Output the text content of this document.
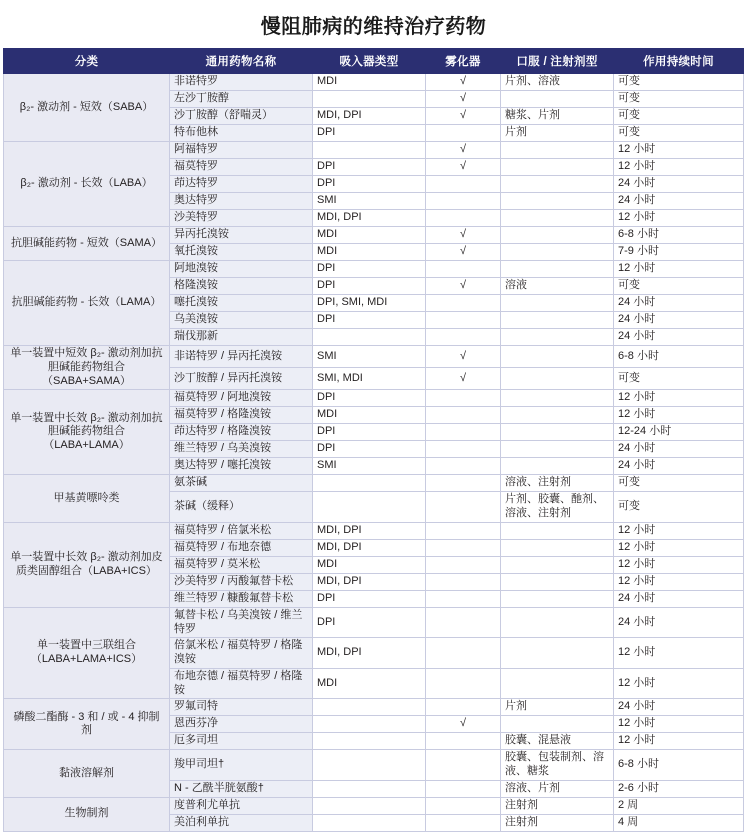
慢阻肺病的维持治疗药物
分类	通用药物名称	吸入器类型	雾化器	口服 / 注射剂型	作用持续时间
β₂- 激动剂 - 短效（SABA）	非诺特罗	MDI	√	片剂、溶液	可变
	左沙丁胺醇		√		可变
	沙丁胺醇（舒喘灵）	MDI, DPI	√	糖浆、片剂	可变
	特布他林	DPI		片剂	可变
β₂- 激动剂 - 长效（LABA）	阿福特罗		√		12 小时
	福莫特罗	DPI	√		12 小时
	茚达特罗	DPI			24 小时
	奥达特罗	SMI			24 小时
	沙美特罗	MDI, DPI			12 小时
抗胆碱能药物 - 短效（SAMA）	异丙托溴铵	MDI	√		6-8 小时
	氧托溴铵	MDI	√		7-9 小时
抗胆碱能药物 - 长效（LAMA）	阿地溴铵	DPI			12 小时
	格隆溴铵	DPI	√	溶液	可变
	噻托溴铵	DPI, SMI, MDI			24 小时
	乌美溴铵	DPI			24 小时
	瑞伐那新				24 小时
单一装置中短效 β₂- 激动剂加抗胆碱能药物组合（SABA+SAMA）	非诺特罗 / 异丙托溴铵	SMI	√		6-8 小时
	沙丁胺醇 / 异丙托溴铵	SMI, MDI	√		可变
单一装置中长效 β₂- 激动剂加抗胆碱能药物组合（LABA+LAMA）	福莫特罗 / 阿地溴铵	DPI			12 小时
	福莫特罗 / 格隆溴铵	MDI			12 小时
	茚达特罗 / 格隆溴铵	DPI			12-24 小时
	维兰特罗 / 乌美溴铵	DPI			24 小时
	奥达特罗 / 噻托溴铵	SMI			24 小时
甲基黄嘌呤类	氨茶碱			溶液、注射剂	可变
	茶碱（缓释）			片剂、胶囊、酏剂、溶液、注射剂	可变
单一装置中长效 β₂- 激动剂加皮质类固醇组合（LABA+ICS）	福莫特罗 / 倍氯米松	MDI, DPI			12 小时
	福莫特罗 / 布地奈德	MDI, DPI			12 小时
	福莫特罗 / 莫米松	MDI			12 小时
	沙美特罗 / 丙酸氟替卡松	MDI, DPI			12 小时
	维兰特罗 / 糠酸氟替卡松	DPI			24 小时
单一装置中三联组合（LABA+LAMA+ICS）	氟替卡松 / 乌美溴铵 / 维兰特罗	DPI			24 小时
	倍氯米松 / 福莫特罗 / 格隆溴铵	MDI, DPI			12 小时
	布地奈德 / 福莫特罗 / 格隆铵	MDI			12 小时
磷酸二酯酶 - 3 和 / 或 - 4 抑制剂	罗氟司特			片剂	24 小时
	恩西芬净		√		12 小时
	厄多司坦			胶囊、混悬液	12 小时
黏液溶解剂	羧甲司坦†			胶囊、包装制剂、溶液、糖浆	6-8 小时
	N - 乙酰半胱氨酸†			溶液、片剂	2-6 小时
生物制剂	度普利尤单抗			注射剂	2 周
	美泊利单抗			注射剂	4 周
